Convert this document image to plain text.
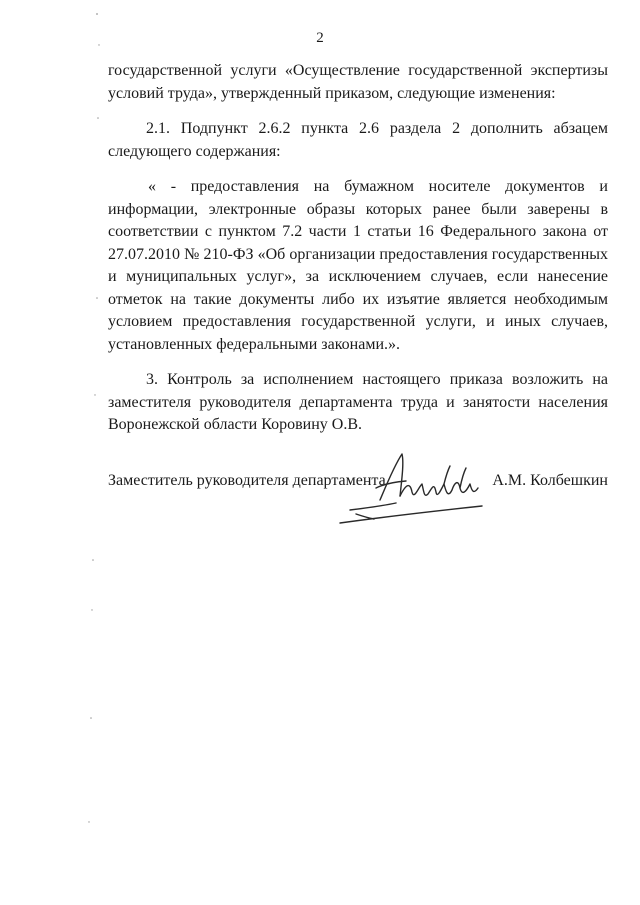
2

государственной услуги «Осуществление государственной экспертизы условий труда», утвержденный приказом, следующие изменения:

2.1. Подпункт 2.6.2 пункта 2.6 раздела 2 дополнить абзацем следующего содержания:

« - предоставления на бумажном носителе документов и информации, электронные образы которых ранее были заверены в соответствии с пунктом 7.2 части 1 статьи 16 Федерального закона от 27.07.2010 № 210-ФЗ «Об организации предоставления государственных и муниципальных услуг», за исключением случаев, если нанесение отметок на такие документы либо их изъятие является необходимым условием предоставления государственной услуги, и иных случаев, установленных федеральными законами.».

3. Контроль за исполнением настоящего приказа возложить на заместителя руководителя департамента труда и занятости населения Воронежской области Коровину О.В.

Заместитель руководителя департамента	А.М. Колбешкин
